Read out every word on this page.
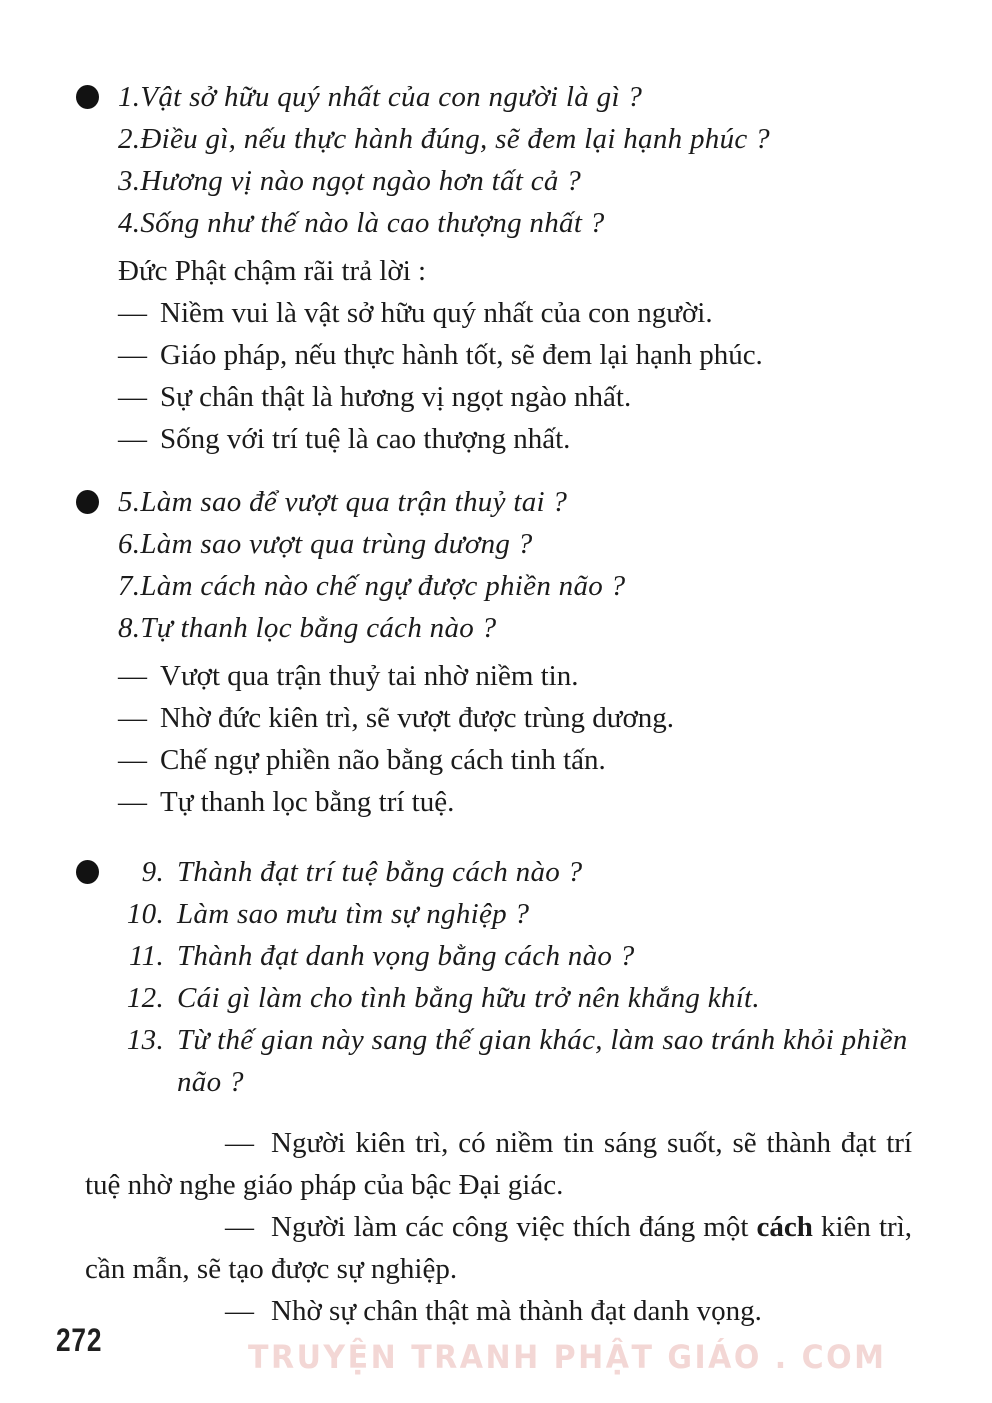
1. Vật sở hữu quý nhất của con người là gì ?
2. Điều gì, nếu thực hành đúng, sẽ đem lại hạnh phúc ?
3. Hương vị nào ngọt ngào hơn tất cả ?
4. Sống như thế nào là cao thượng nhất ?
Đức Phật chậm rãi trả lời :
— Niềm vui là vật sở hữu quý nhất của con người.
— Giáo pháp, nếu thực hành tốt, sẽ đem lại hạnh phúc.
— Sự chân thật là hương vị ngọt ngào nhất.
— Sống với trí tuệ là cao thượng nhất.
5. Làm sao để vượt qua trận thuỷ tai ?
6. Làm sao vượt qua trùng dương ?
7. Làm cách nào chế ngự được phiền não ?
8. Tự thanh lọc bằng cách nào ?
— Vượt qua trận thuỷ tai nhờ niềm tin.
— Nhờ đức kiên trì, sẽ vượt được trùng dương.
— Chế ngự phiền não bằng cách tinh tấn.
— Tự thanh lọc bằng trí tuệ.
9. Thành đạt trí tuệ bằng cách nào ?
10. Làm sao mưu tìm sự nghiệp ?
11. Thành đạt danh vọng bằng cách nào ?
12. Cái gì làm cho tình bằng hữu trở nên khắng khít.
13. Từ thế gian này sang thế gian khác, làm sao tránh khỏi phiền não ?

— Người kiên trì, có niềm tin sáng suốt, sẽ thành đạt trí tuệ nhờ nghe giáo pháp của bậc Đại giác.

— Người làm các công việc thích đáng một cách kiên trì, cần mẫn, sẽ tạo được sự nghiệp.

— Nhờ sự chân thật mà thành đạt danh vọng.

272	TRUYỆN TRANH PHẬT GIÁO . COM
